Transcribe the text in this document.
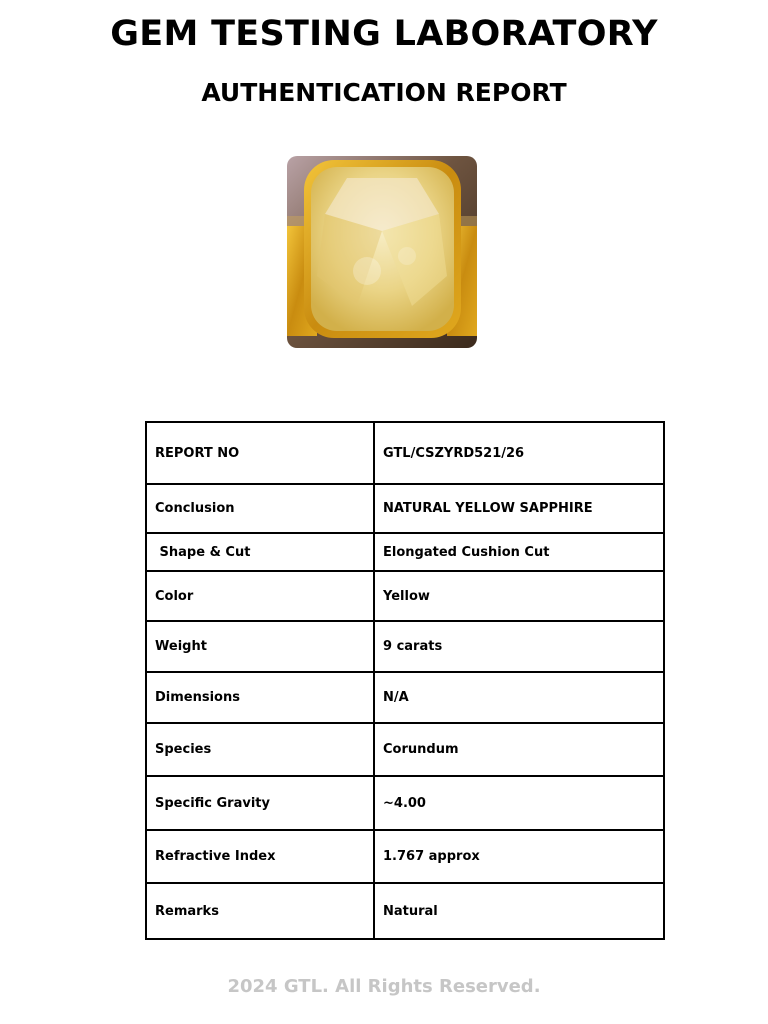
GEM TESTING LABORATORY
AUTHENTICATION REPORT
REPORT NO	GTL/CSZYRD521/26
Conclusion	NATURAL YELLOW SAPPHIRE
Shape & Cut	Elongated Cushion Cut
Color	Yellow
Weight	9 carats
Dimensions	N/A
Species	Corundum
Specific Gravity	~4.00
Refractive Index	1.767 approx
Remarks	Natural
2024 GTL. All Rights Reserved.
